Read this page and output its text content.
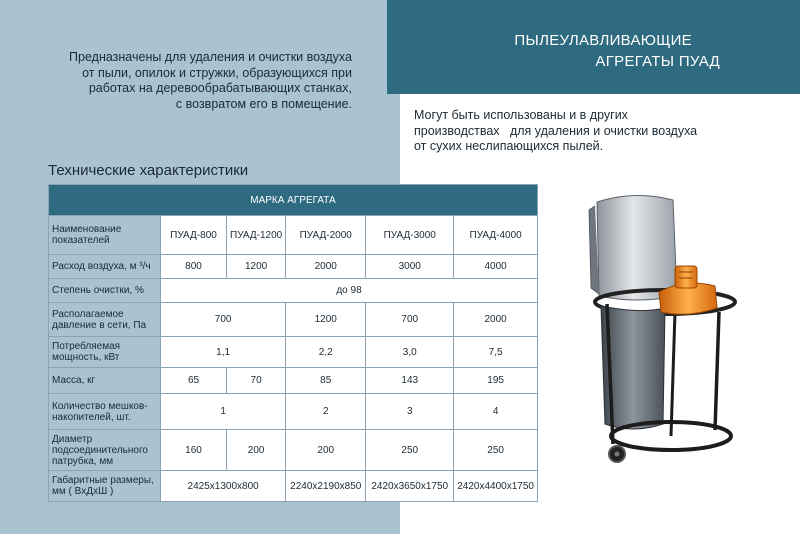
Предназначены для удаления и очистки воздуха
от пыли, опилок и стружки, образующихся при
работах на деревообрабатывающих станках,
с возвратом его в помещение.
ПЫЛЕУЛАВЛИВАЮЩИЕ
АГРЕГАТЫ ПУАД
Могут быть использованы и в других
производствах   для удаления и очистки воздуха
от сухих неслипающихся пылей.
Технические характеристики
МАРКА АГРЕГАТА					
Наименование показателей	ПУАД-800	ПУАД-1200	ПУАД-2000	ПУАД-3000	ПУАД-4000
Расход воздуха, м ³/ч	800	1200	2000	3000	4000
Степень очистки, %	до 98				
Располагаемое давление в сети, Па	700		1200	700	2000
Потребляемая мощность, кВт	1,1		2,2	3,0	7,5
Масса, кг	65	70	85	143	195
Количество мешков-накопителей, шт.	1		2	3	4
Диаметр подсоединительного патрубка, мм	160	200	200	250	250
Габаритные размеры, мм ( ВxДxШ )	2425x1300x800		2240x2190x850	2420x3650x1750	2420x4400x1750
